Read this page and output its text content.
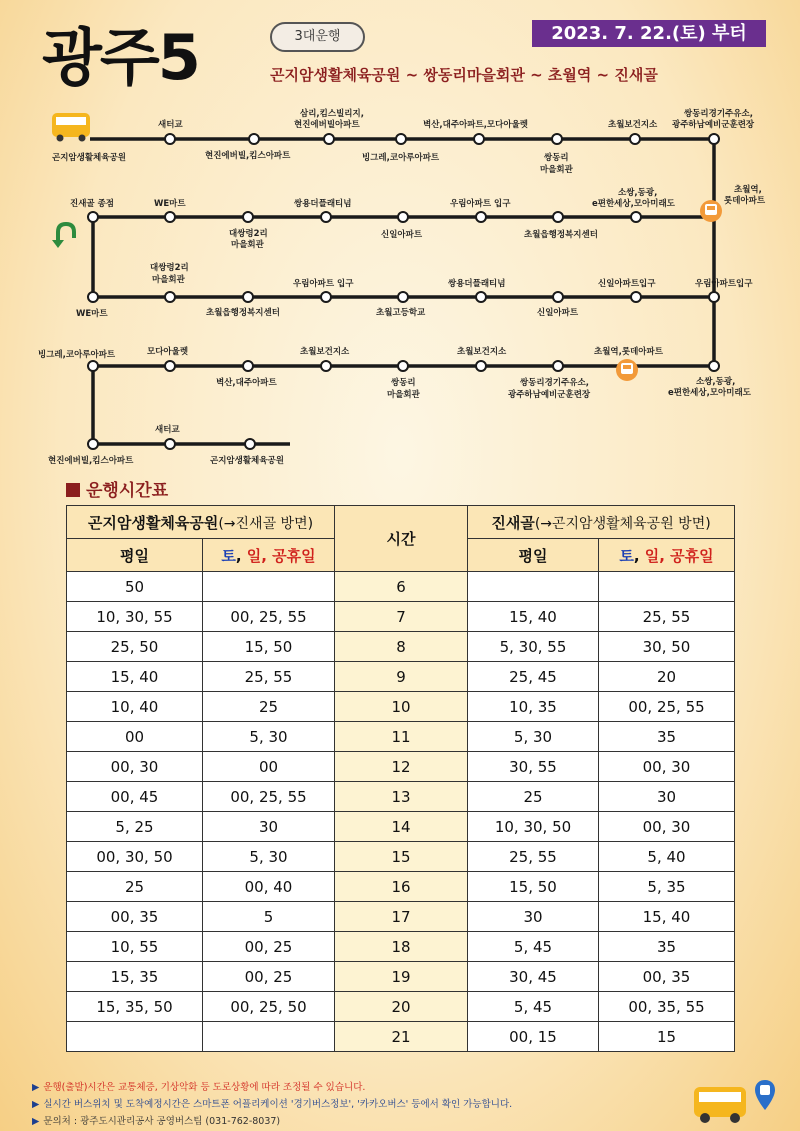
광주5	3대운행	2023. 7. 22.(토) 부터
곤지암생활체육공원 ~ 쌍동리마을회관 ~ 초월역 ~ 진새골
곤지암생활체육공원
새터교
현진에버빌,킴스아파트
삼리,킴스빌리지,
현진에버빌아파트
빙그레,코아루아파트
벽산,대주아파트,모다아울렛
쌍동리
마을회관
초월보건지소
쌍동리경기주유소,
광주하남예비군훈련장
진새골 종점	WE마트
대쌍령2리
마을회관
쌍용더플래티넘
신일아파트
우림아파트 입구
초월읍행정복지센터
소쌍,동광,
e편한세상,모아미래도
초월역,
롯데아파트
WE마트
대쌍령2리
마을회관
초월읍행정복지센터
우림아파트 입구
초월고등학교
쌍용더플래티넘
신일아파트
신일아파트입구	우림아파트입구
빙그레,코아루아파트	모다아울렛
벽산,대주아파트
초월보건지소
쌍동리
마을회관
초월보건지소
쌍동리경기주유소,
광주하남예비군훈련장
초월역,롯데아파트
소쌍,동광,
e편한세상,모아미래도
현진에버빌,킴스아파트
새터교
곤지암생활체육공원
운행시간표
곤지암생활체육공원(→진새골 방면)		시간	진새골(→곤지암생활체육공원 방면)	
평일	토, 일, 공휴일		평일	토, 일, 공휴일
50		6		
10, 30, 55	00, 25, 55	7	15, 40	25, 55
25, 50	15, 50	8	5, 30, 55	30, 50
15, 40	25, 55	9	25, 45	20
10, 40	25	10	10, 35	00, 25, 55
00	5, 30	11	5, 30	35
00, 30	00	12	30, 55	00, 30
00, 45	00, 25, 55	13	25	30
5, 25	30	14	10, 30, 50	00, 30
00, 30, 50	5, 30	15	25, 55	5, 40
25	00, 40	16	15, 50	5, 35
00, 35	5	17	30	15, 40
10, 55	00, 25	18	5, 45	35
15, 35	00, 25	19	30, 45	00, 35
15, 35, 50	00, 25, 50	20	5, 45	00, 35, 55
		21	00, 15	15
▶ 운행(출발)시간은 교통체증, 기상악화 등 도로상황에 따라 조정될 수 있습니다.
▶ 실시간 버스위치 및 도착예정시간은 스마트폰 어플리케이션 '경기버스정보', '카카오버스' 등에서 확인 가능합니다.
▶ 문의처 : 광주도시관리공사 공영버스팀 (031-762-8037)
